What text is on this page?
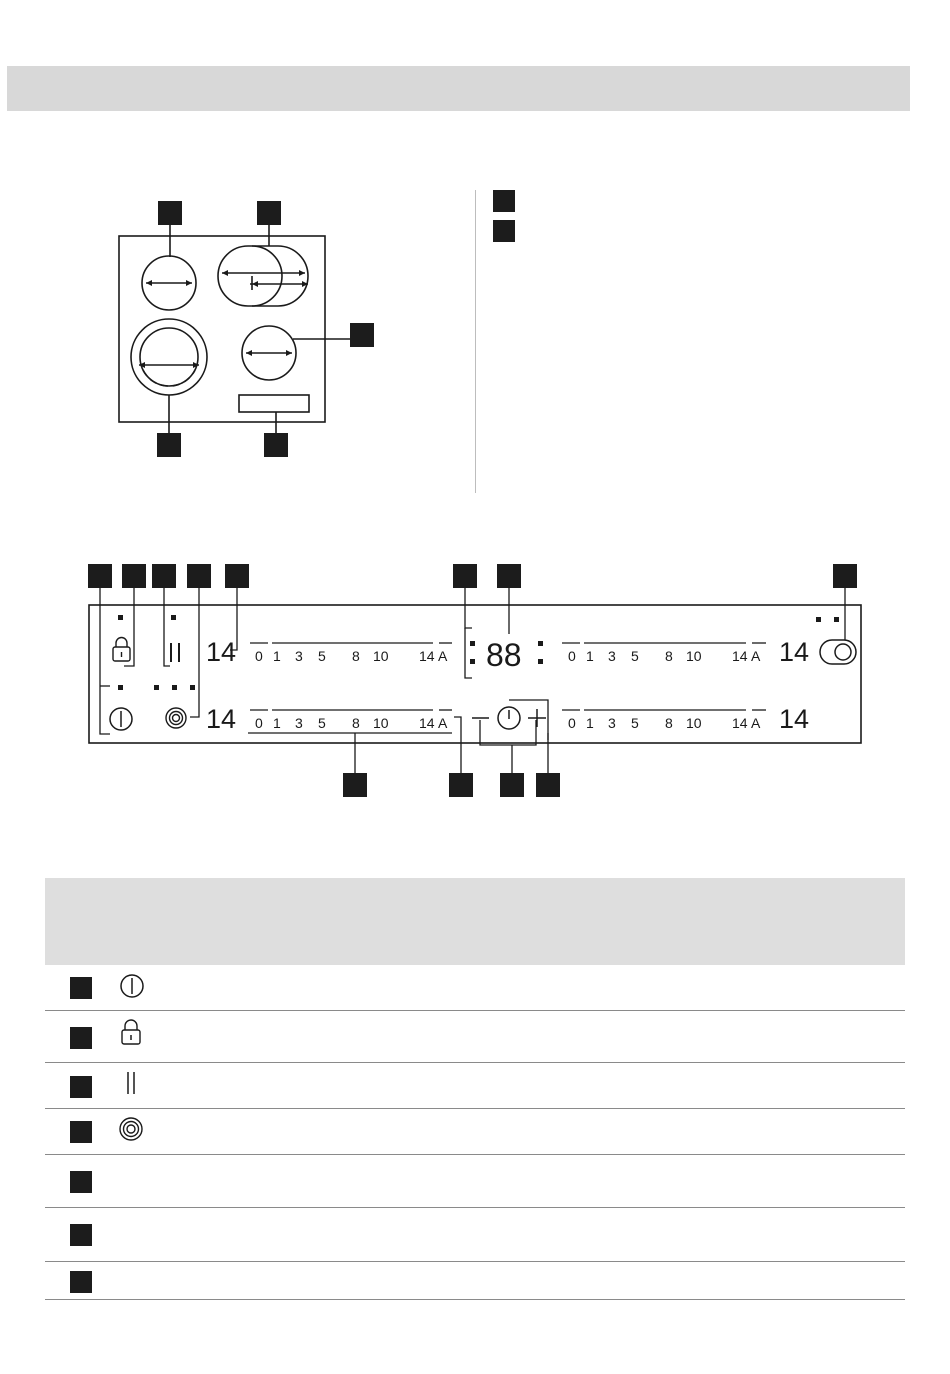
0 1 3 5 8 10 14 A
0 1 3 5 8 10 14 A
0 1 3 5 8 10 14 A
0 1 3 5 8 10 14 A
14
14
14
14
88
